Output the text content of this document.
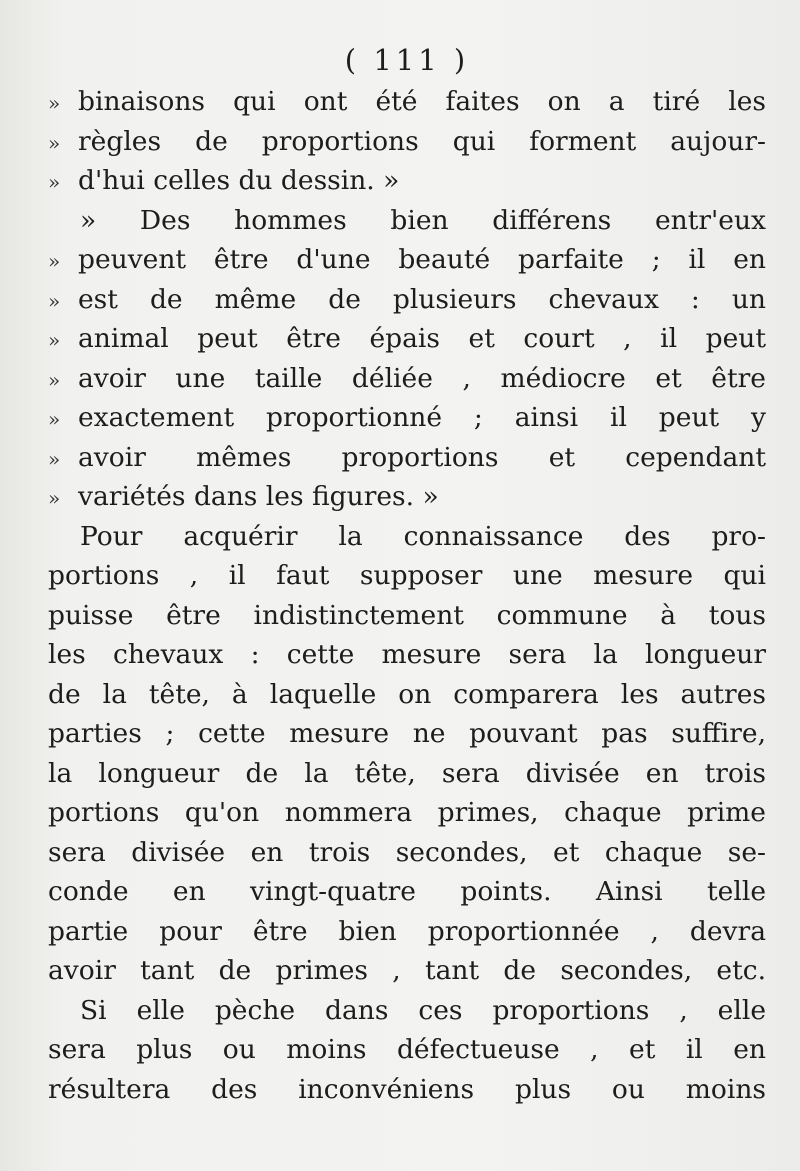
( 111 )
» binaisons qui ont été faites on a tiré les
» règles de proportions qui forment aujour-
» d'hui celles du dessin. »
» Des hommes bien différens entr'eux
» peuvent être d'une beauté parfaite ; il en
» est de même de plusieurs chevaux : un
» animal peut être épais et court , il peut
» avoir une taille déliée , médiocre et être
» exactement proportionné ; ainsi il peut y
» avoir mêmes proportions et cependant
» variétés dans les figures. »
Pour acquérir la connaissance des pro-
portions , il faut supposer une mesure qui
puisse être indistinctement commune à tous
les chevaux : cette mesure sera la longueur
de la tête, à laquelle on comparera les autres
parties ; cette mesure ne pouvant pas suffire,
la longueur de la tête, sera divisée en trois
portions qu'on nommera primes, chaque prime
sera divisée en trois secondes, et chaque se-
conde en vingt-quatre points. Ainsi telle
partie pour être bien proportionnée , devra
avoir tant de primes , tant de secondes, etc.
Si elle pèche dans ces proportions , elle
sera plus ou moins défectueuse , et il en
résultera des inconvéniens plus ou moins
